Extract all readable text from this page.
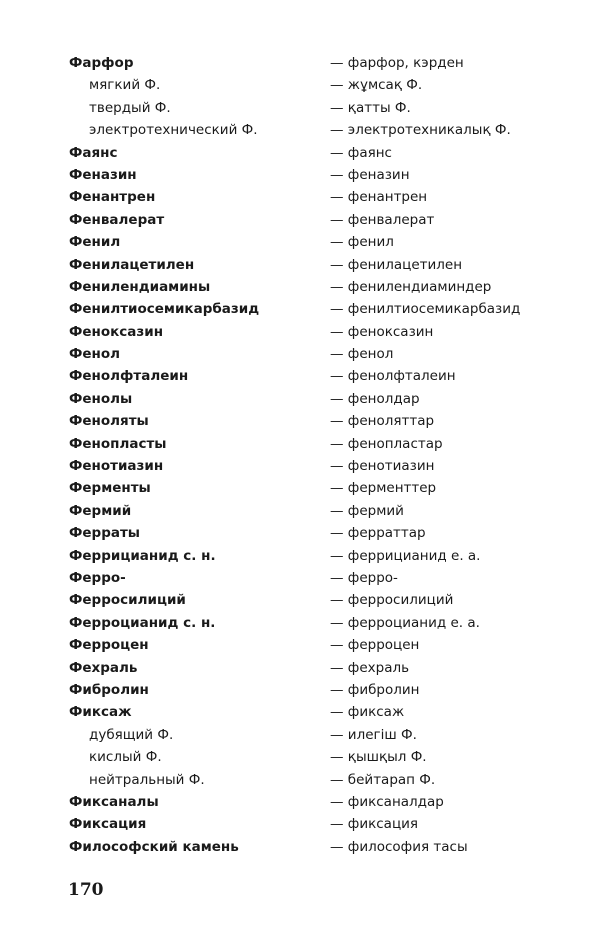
Фарфор	— фарфор, кэрден
мягкий Ф.	— жұмсақ Ф.
твердый Ф.	— қатты Ф.
электротехнический Ф.	— электротехникалық Ф.
Фаянс	— фаянс
Феназин	— феназин
Фенантрен	— фенантрен
Фенвалерат	— фенвалерат
Фенил	— фенил
Фенилацетилен	— фенилацетилен
Фенилендиамины	— фенилендиаминдер
Фенилтиосемикарбазид	— фенилтиосемикарбазид
Феноксазин	— феноксазин
Фенол	— фенол
Фенолфталеин	— фенолфталеин
Фенолы	— фенолдар
Феноляты	— феноляттар
Фенопласты	— фенопластар
Фенотиазин	— фенотиазин
Ферменты	— ферменттер
Фермий	— фермий
Ферраты	— ферраттар
Феррицианид с. н.	— феррицианид е. а.
Ферро-	— ферро-
Ферросилиций	— ферросилиций
Ферроцианид с. н.	— ферроцианид е. а.
Ферроцен	— ферроцен
Фехраль	— фехраль
Фибролин	— фибролин
Фиксаж	— фиксаж
дубящий Ф.	— илегіш Ф.
кислый Ф.	— қышқыл Ф.
нейтральный Ф.	— бейтарап Ф.
Фиксаналы	— фиксаналдар
Фиксация	— фиксация
Философский камень	— философия тасы
170
